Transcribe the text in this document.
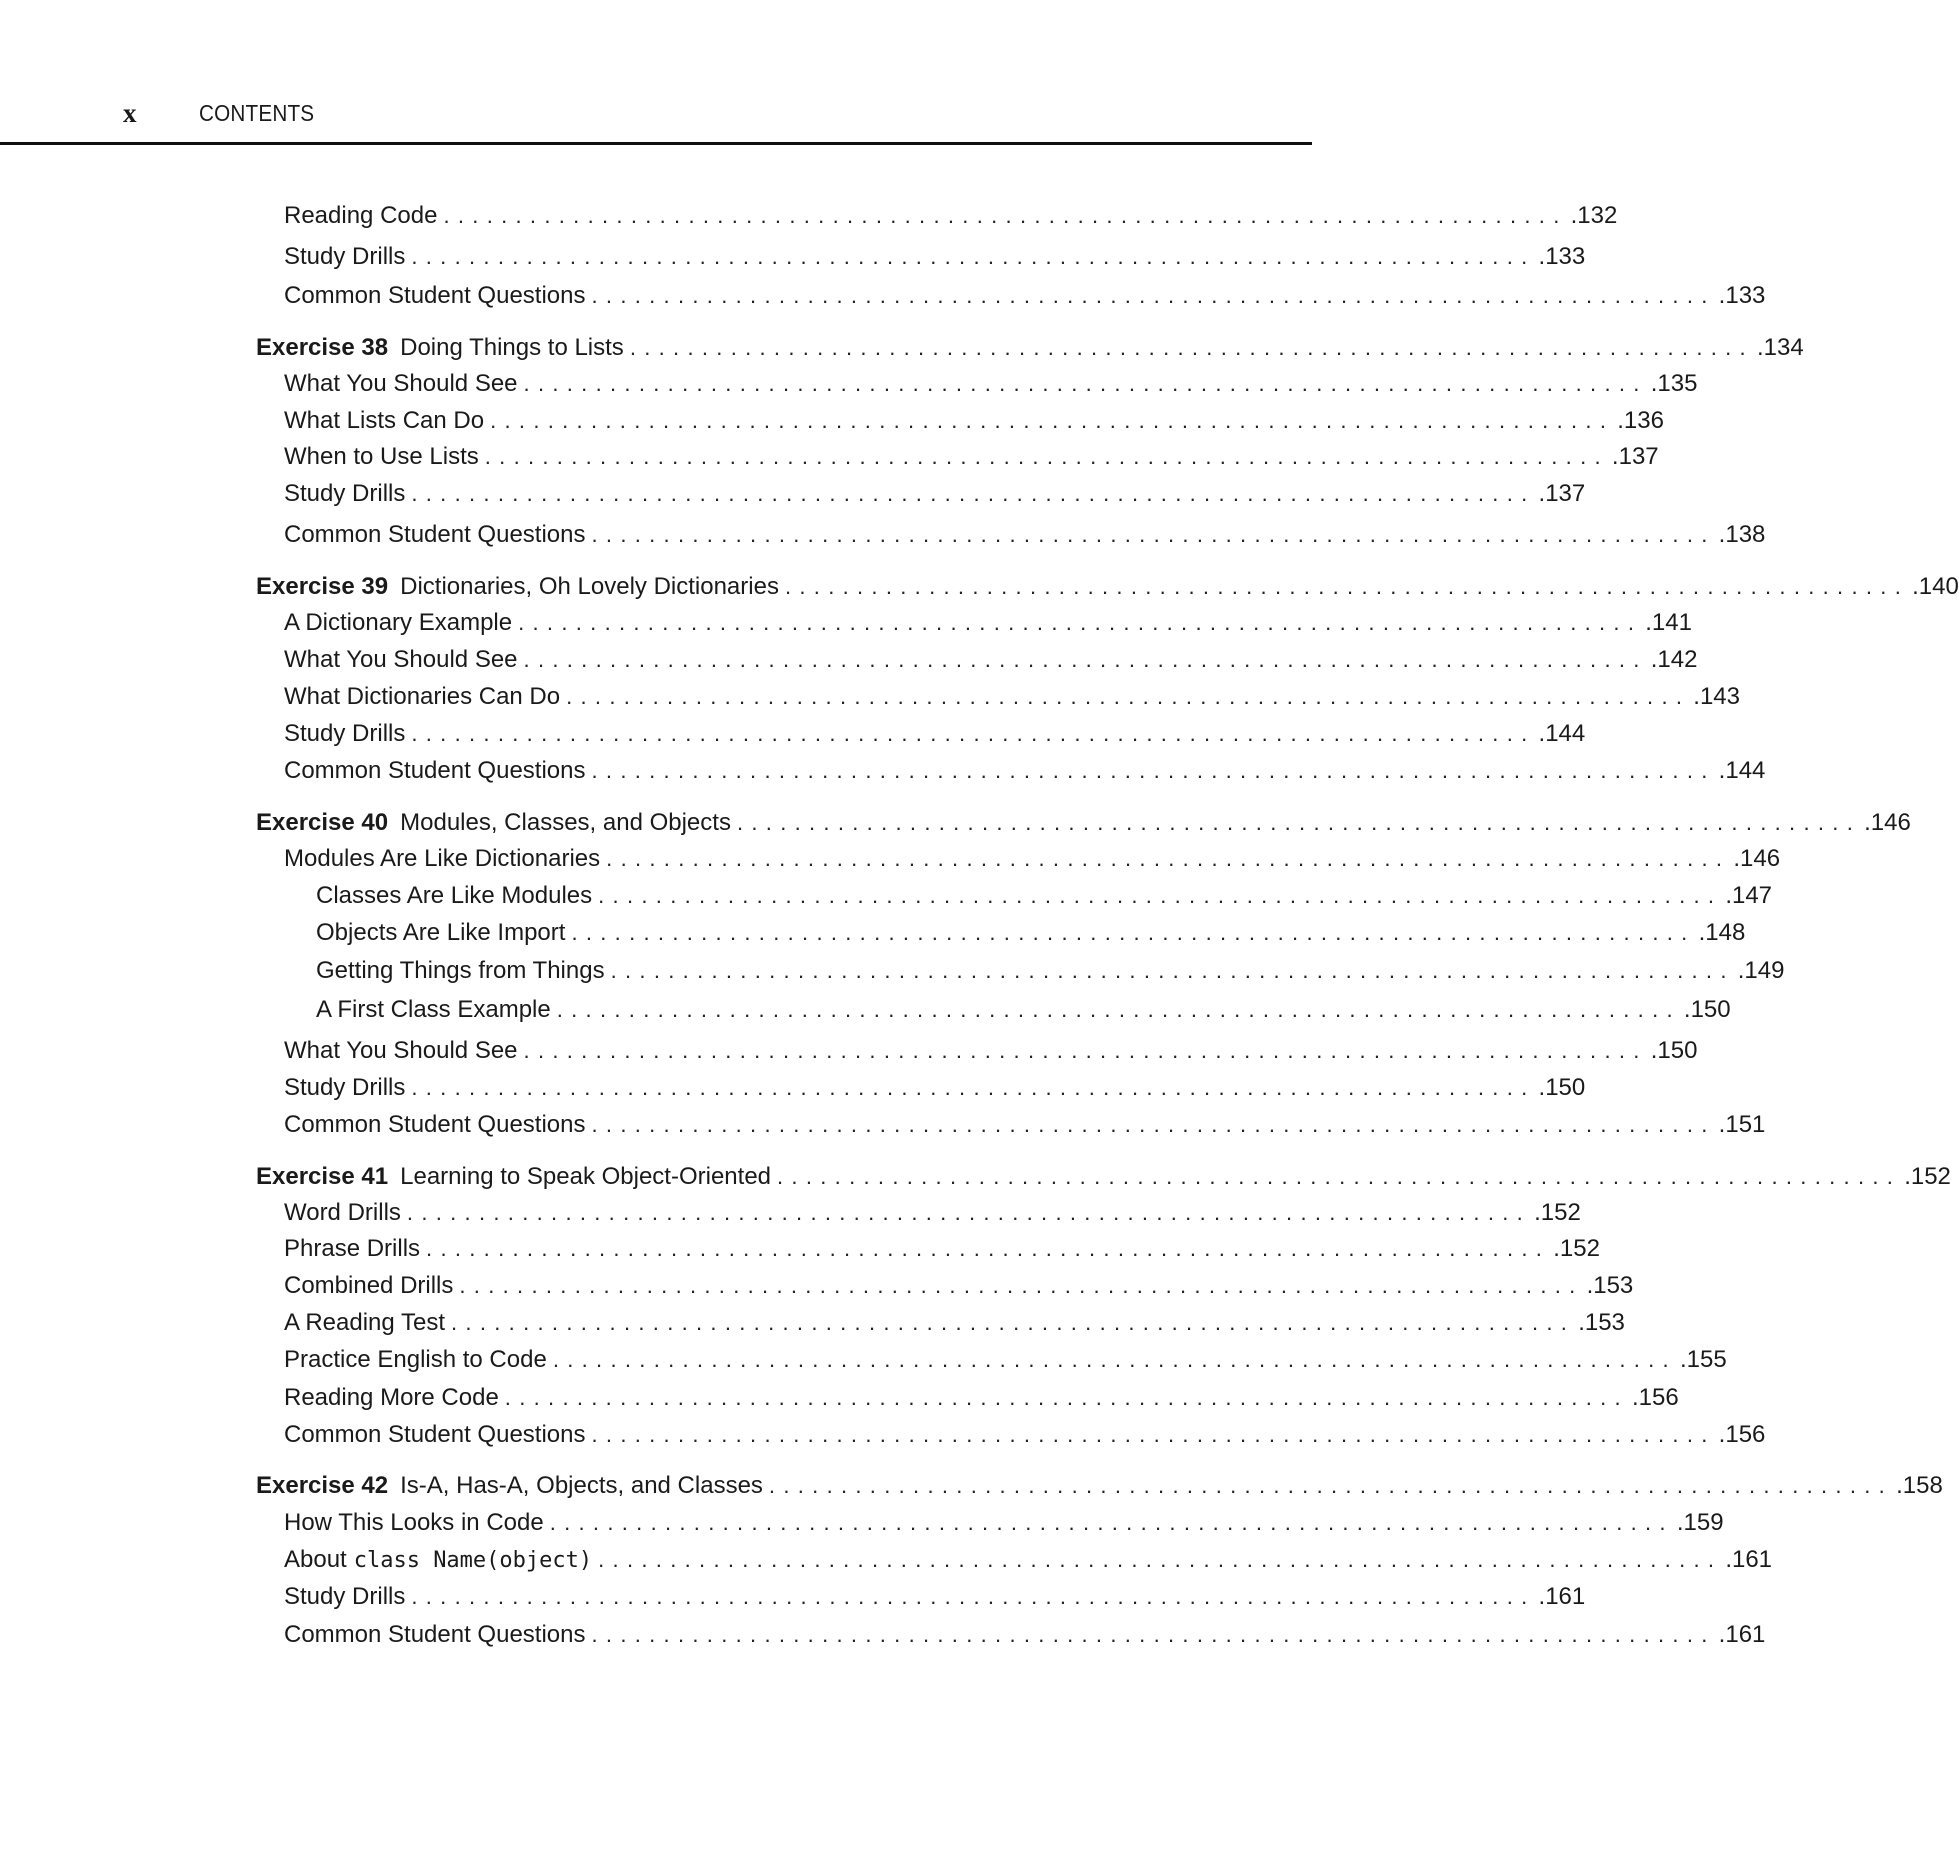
x	CONTENTS
Reading Code .............................................................................. .132
Study Drills .............................................................................. .133
Common Student Questions .............................................................................. .133
Exercise 38 Doing Things to Lists .............................................................................. .134
What You Should See .............................................................................. .135
What Lists Can Do .............................................................................. .136
When to Use Lists .............................................................................. .137
Study Drills .............................................................................. .137
Common Student Questions .............................................................................. .138
Exercise 39 Dictionaries, Oh Lovely Dictionaries .............................................................................. .140
A Dictionary Example .............................................................................. .141
What You Should See .............................................................................. .142
What Dictionaries Can Do .............................................................................. .143
Study Drills .............................................................................. .144
Common Student Questions .............................................................................. .144
Exercise 40 Modules, Classes, and Objects .............................................................................. .146
Modules Are Like Dictionaries .............................................................................. .146
Classes Are Like Modules .............................................................................. .147
Objects Are Like Import .............................................................................. .148
Getting Things from Things .............................................................................. .149
A First Class Example .............................................................................. .150
What You Should See .............................................................................. .150
Study Drills .............................................................................. .150
Common Student Questions .............................................................................. .151
Exercise 41 Learning to Speak Object-Oriented .............................................................................. .152
Word Drills .............................................................................. .152
Phrase Drills .............................................................................. .152
Combined Drills .............................................................................. .153
A Reading Test .............................................................................. .153
Practice English to Code .............................................................................. .155
Reading More Code .............................................................................. .156
Common Student Questions .............................................................................. .156
Exercise 42 Is-A, Has-A, Objects, and Classes .............................................................................. .158
How This Looks in Code .............................................................................. .159
About class Name(object) .............................................................................. .161
Study Drills .............................................................................. .161
Common Student Questions .............................................................................. .161
